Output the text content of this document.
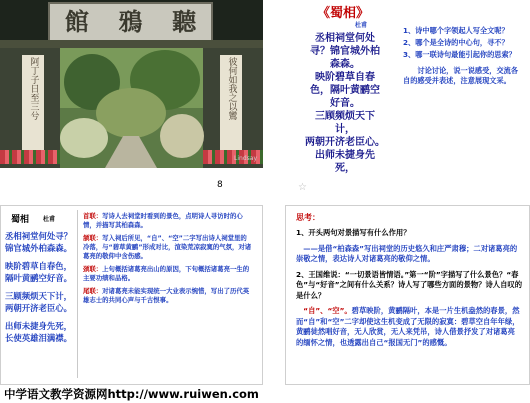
館 鴉 聽
阿丁子日至三兮	彼何如我之以鸞
Lindsay
《蜀相》
杜甫
丞相祠堂何处
寻？锦官城外柏
森森。
映阶碧草自春
色，隔叶黄鹂空
好音。
三顾频烦天下
计，
两朝开济老臣心。
出师未捷身先
死，
1、诗中哪个字领起人写全文呢？
2、哪个是全诗的中心句，寻不？
3、哪一联诗句最能引起你的思索？
讨论讨论，说一说感受，交流各自的感受并表述，注意展现文采。
8	☆
蜀相 杜甫
丞相祠堂何处寻？锦官城外柏森森。
映阶碧草自春色，隔叶黄鹂空好音。
三顾频烦天下计，两朝开济老臣心。
出师未捷身先死，长使英雄泪满襟。
首联：写诗人去祠堂时看到的景色，点明诗人寻访时的心情，并描写其柏森森。
颔联：写入祠后所见，“自”、“空”二字写出诗人祠堂里的冷落，与“碧草黄鹂”形成对比，渲染荒凉寂寞的气氛，对诸葛亮的敬仰中含伤感。
颈联：上句概括诸葛亮出山的原因，下句概括诸葛亮一生的主要功绩和品格。
尾联：对诸葛亮未能实现统一大业表示惋惜，写出了历代英雄志士的共同心声与千古恨事。
思考：
1、开头两句对景描写有什么作用？
——是借“柏森森”写出祠堂的历史悠久和庄严肃穆；二对诸葛亮的崇敬之情，表达诗人对诸葛亮的敬仰之情。
2、王国维说：“一切景语皆情语。”第一“阶”字描写了什么景色？“春色”与“好音”之间有什么关系？诗人写了哪些方面的景物？诗人自叹的是什么？
“自”、“空”。碧草映阶，黄鹂隔叶，本是一片生机盎然的春景，然而“自”和“空”二字却使这生机变成了无限的寂寞：碧草空自年年绿，黄鹂徒然唱好音，无人欣赏，无人来凭吊，诗人借景抒发了对诸葛亮的缅怀之情，也透露出自己“报国无门”的感慨。
中学语文教学资源网http://www.ruiwen.com
